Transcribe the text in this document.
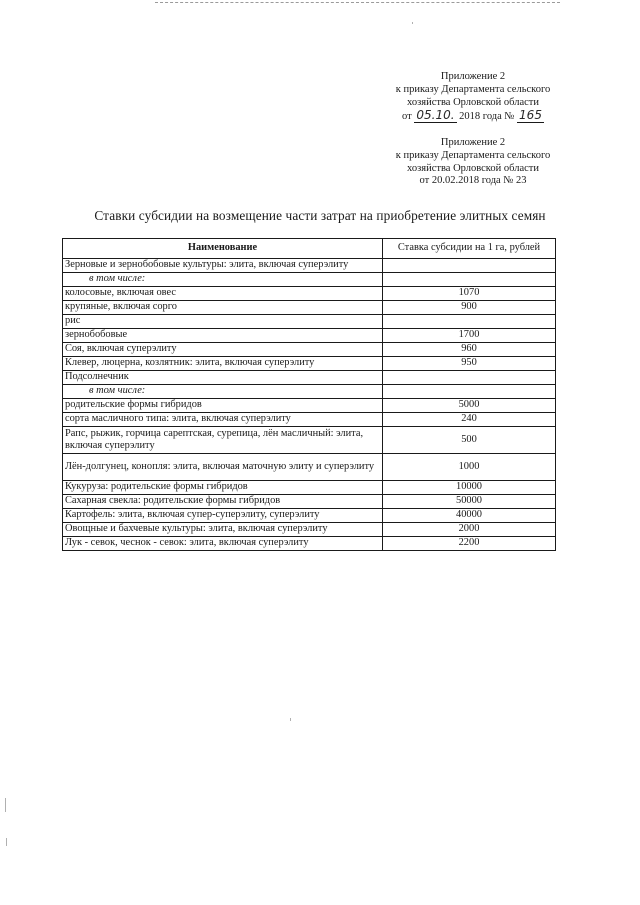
Приложение 2
к приказу Департамента сельского
хозяйства Орловской области
от 05.10. 2018 года № 165
Приложение 2
к приказу Департамента сельского
хозяйства Орловской области
от 20.02.2018 года № 23
Ставки субсидии на возмещение части затрат на приобретение элитных семян
Наименование	Ставка субсидии на 1 га, рублей
Зерновые и зернобобовые культуры: элита, включая суперэлиту	
в том числе:	
колосовые, включая овес	1070
крупяные, включая сорго	900
рис	
зернобобовые	1700
Соя, включая суперэлиту	960
Клевер, люцерна, козлятник: элита, включая суперэлиту	950
Подсолнечник	
в том числе:	
родительские формы гибридов	5000
сорта масличного типа: элита, включая суперэлиту	240
Рапс, рыжик, горчица сарептская, сурепица, лён масличный: элита, включая суперэлиту	500
Лён-долгунец, конопля: элита, включая маточную элиту и суперэлиту	1000
Кукуруза: родительские формы гибридов	10000
Сахарная свекла: родительские формы гибридов	50000
Картофель: элита, включая супер-суперэлиту, суперэлиту	40000
Овощные и бахчевые культуры: элита, включая суперэлиту	2000
Лук - севок, чеснок - севок: элита, включая суперэлиту	2200
